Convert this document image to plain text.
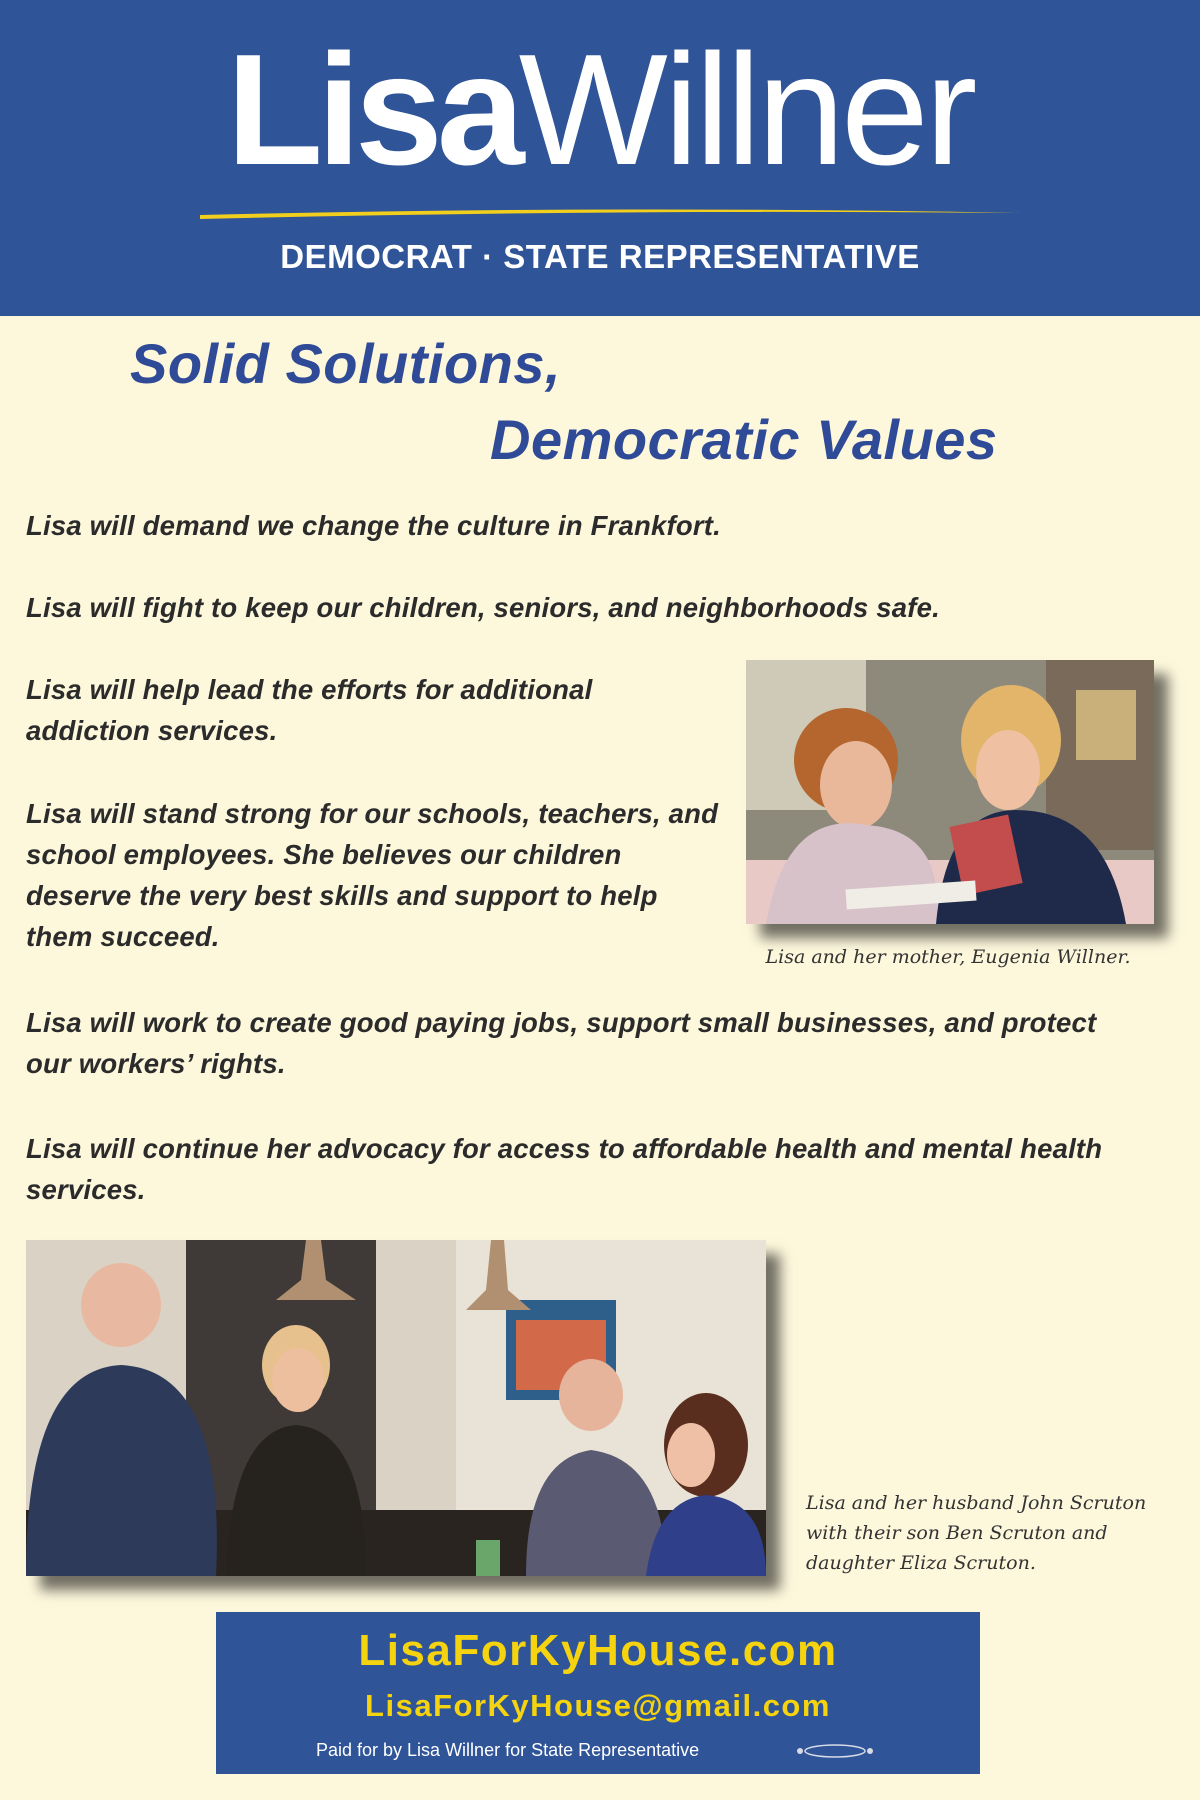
LisaWillner
DEMOCRAT · STATE REPRESENTATIVE
Solid Solutions,
Democratic Values

Lisa will demand we change the culture in Frankfort.

Lisa will fight to keep our children, seniors, and neighborhoods safe.

Lisa will help lead the efforts for additional addiction services.

Lisa will stand strong for our schools, teachers, and school employees. She believes our children deserve the very best skills and support to help them succeed.

Lisa will work to create good paying jobs, support small businesses, and protect our workers’ rights.

Lisa will continue her advocacy for access to affordable health and mental health services.

Lisa and her mother, Eugenia Willner.
Lisa and her husband John Scruton with their son Ben Scruton and daughter Eliza Scruton.
LisaForKyHouse.com
LisaForKyHouse@gmail.com
Paid for by Lisa Willner for State Representative
